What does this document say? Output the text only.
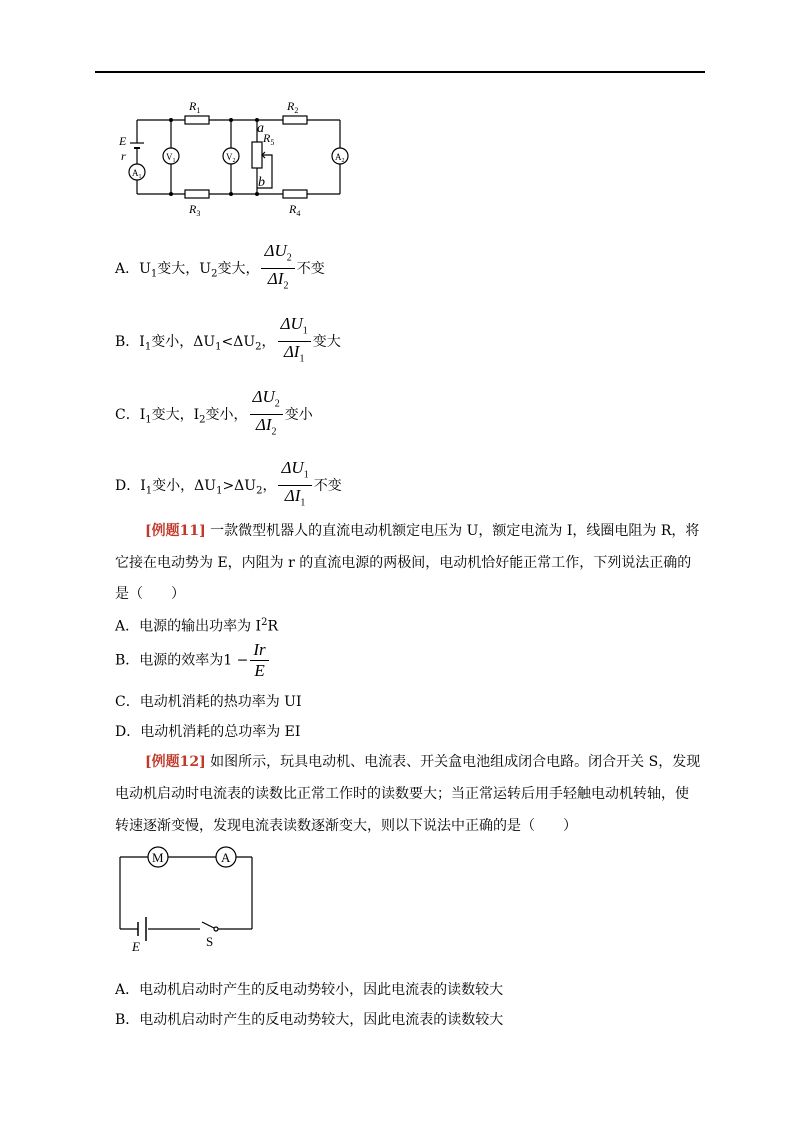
$R_1$
$R_3$
$R_2$
$R_4$
$R_5$
a
b
E
r
$A_1$
$V_1$	$V_2$	$A_2$
A．$U_1$变大，$U_2$变大， $\frac{\Delta U_2}{\Delta I_2}$ 不变
B．$I_1$变小，$\Delta U_1<\Delta U_2$， $\frac{\Delta U_1}{\Delta I_1}$ 变大
C．$I_1$变大，$I_2$变小， $\frac{\Delta U_2}{\Delta I_2}$ 变小
D．$I_1$变小，$\Delta U_1>\Delta U_2$， $\frac{\Delta U_1}{\Delta I_1}$ 不变
[例题11] 一款微型机器人的直流电动机额定电压为 U，额定电流为 I，线圈电阻为 R，将
它接在电动势为 E，内阻为 r 的直流电源的两极间，电动机恰好能正常工作，下列说法正确的
是（　　）
A．电源的输出功率为 $I^2R$
B．电源的效率为$1 - \frac{Ir}{E}$
C．电动机消耗的热功率为 UI
D．电动机消耗的总功率为 EI
[例题12] 如图所示，玩具电动机、电流表、开关盒电池组成闭合电路。闭合开关 S，发现
电动机启动时电流表的读数比正常工作时的读数要大；当正常运转后用手轻触电动机转轴，使
转速逐渐变慢，发现电流表读数逐渐变大，则以下说法中正确的是（　　）
M	A
E	S
A．电动机启动时产生的反电动势较小，因此电流表的读数较大
B．电动机启动时产生的反电动势较大，因此电流表的读数较大
